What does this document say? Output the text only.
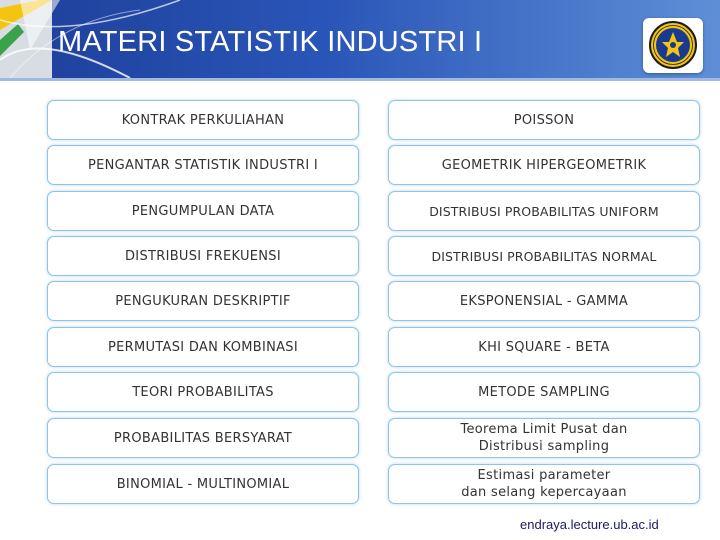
MATERI STATISTIK INDUSTRI I
KONTRAK PERKULIAHAN
PENGANTAR STATISTIK INDUSTRI I
PENGUMPULAN DATA
DISTRIBUSI FREKUENSI
PENGUKURAN DESKRIPTIF
PERMUTASI DAN KOMBINASI
TEORI PROBABILITAS
PROBABILITAS BERSYARAT
BINOMIAL - MULTINOMIAL
POISSON
GEOMETRIK HIPERGEOMETRIK
DISTRIBUSI PROBABILITAS UNIFORM
DISTRIBUSI PROBABILITAS NORMAL
EKSPONENSIAL - GAMMA
KHI SQUARE - BETA
METODE SAMPLING
Teorema Limit Pusat dan
Distribusi sampling
Estimasi parameter
dan selang kepercayaan
endraya.lecture.ub.ac.id
